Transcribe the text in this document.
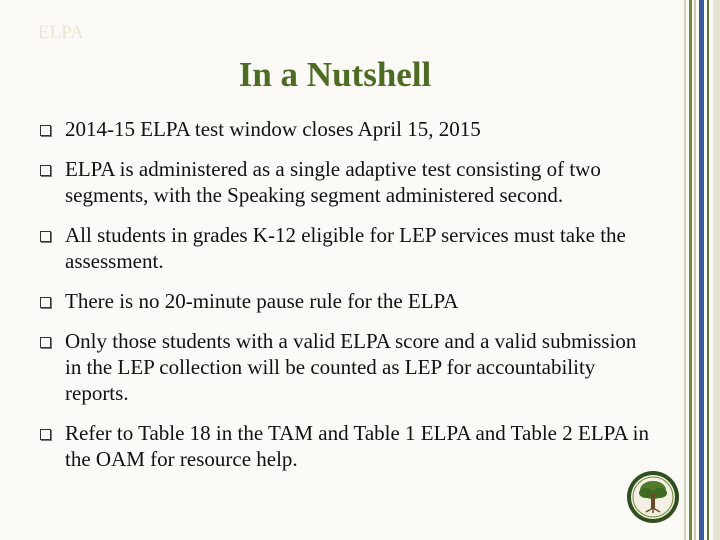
ELPA
In a Nutshell
2014-15 ELPA test window closes April 15, 2015
ELPA is administered as a single adaptive test consisting of two segments, with the Speaking segment administered second.
All students in grades K-12 eligible for LEP services must take the assessment.
There is no 20-minute pause rule for the ELPA
Only those students with a valid ELPA score and a valid submission in the LEP collection will be counted as LEP for accountability reports.
Refer to Table 18 in the TAM and Table 1 ELPA and Table 2 ELPA in the OAM for resource help.
